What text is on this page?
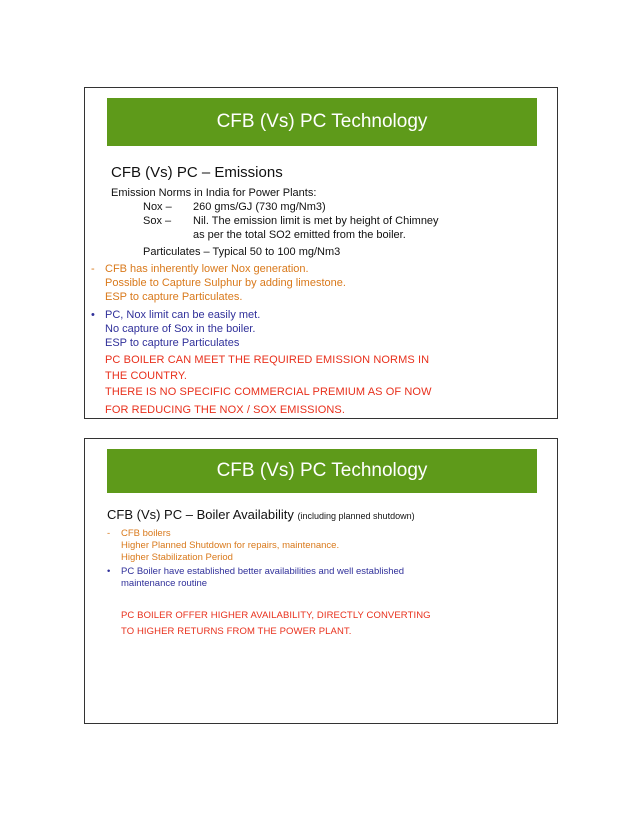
CFB (Vs) PC Technology

CFB (Vs) PC – Emissions

Emission Norms in India for Power Plants:

Nox –	260 gms/GJ (730 mg/Nm3)
Sox –	Nil. The emission limit is met by height of Chimney

as per the total SO2 emitted from the boiler.

Particulates – Typical 50 to 100 mg/Nm3

- CFB has inherently lower Nox generation.
Possible to Capture Sulphur by adding limestone.
ESP to capture Particulates.
• PC, Nox limit can be easily met.
No capture of Sox in the boiler.
ESP to capture Particulates
PC BOILER CAN MEET THE REQUIRED EMISSION NORMS IN
THE COUNTRY.
THERE IS NO SPECIFIC COMMERCIAL PREMIUM AS OF NOW
FOR REDUCING THE NOX / SOX EMISSIONS.
CFB (Vs) PC Technology

CFB (Vs) PC – Boiler Availability (including planned shutdown)

-	CFB boilers
Higher Planned Shutdown for repairs, maintenance.
Higher Stabilization Period
•	PC Boiler have established better availabilities and well established
maintenance routine
PC BOILER OFFER HIGHER AVAILABILITY, DIRECTLY CONVERTING
TO HIGHER RETURNS FROM THE POWER PLANT.
